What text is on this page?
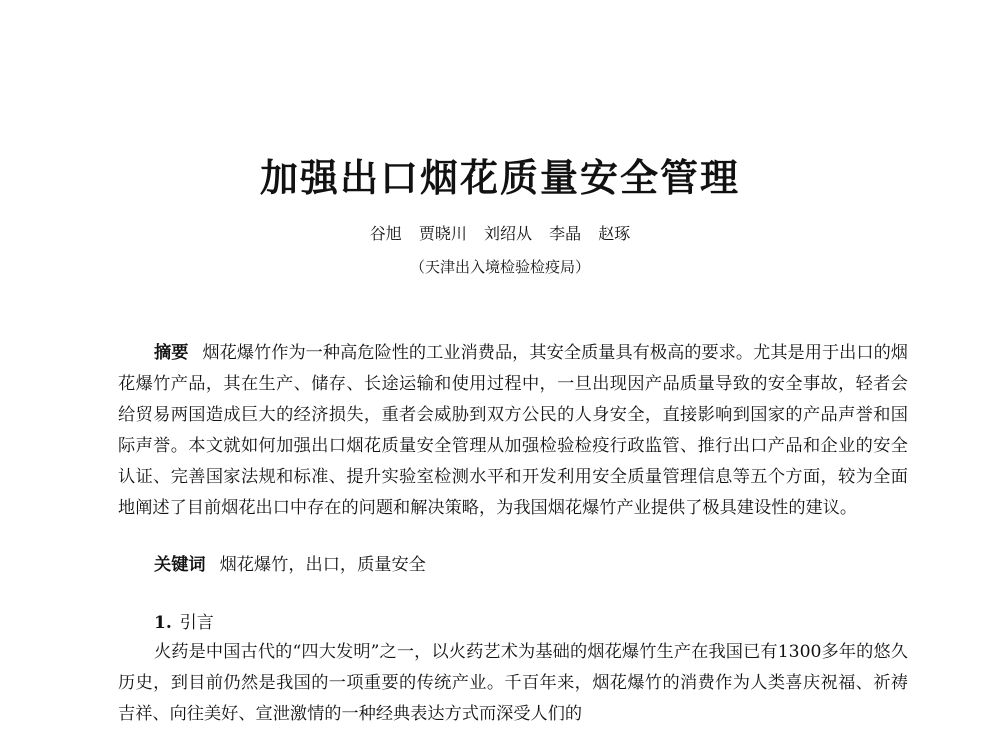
加强出口烟花质量安全管理
谷旭 贾晓川 刘绍从 李晶 赵琢
（天津出入境检验检疫局）
摘要 烟花爆竹作为一种高危险性的工业消费品，其安全质量具有极高的要求。尤其是用于出口的烟花爆竹产品，其在生产、储存、长途运输和使用过程中，一旦出现因产品质量导致的安全事故，轻者会给贸易两国造成巨大的经济损失，重者会威胁到双方公民的人身安全，直接影响到国家的产品声誉和国际声誉。本文就如何加强出口烟花质量安全管理从加强检验检疫行政监管、推行出口产品和企业的安全认证、完善国家法规和标准、提升实验室检测水平和开发利用安全质量管理信息等五个方面，较为全面地阐述了目前烟花出口中存在的问题和解决策略，为我国烟花爆竹产业提供了极具建设性的建议。
关键词 烟花爆竹，出口，质量安全
1. 引言
火药是中国古代的“四大发明”之一，以火药艺术为基础的烟花爆竹生产在我国已有1300多年的悠久历史，到目前仍然是我国的一项重要的传统产业。千百年来，烟花爆竹的消费作为人类喜庆祝福、祈祷吉祥、向往美好、宣泄激情的一种经典表达方式而深受人们的
